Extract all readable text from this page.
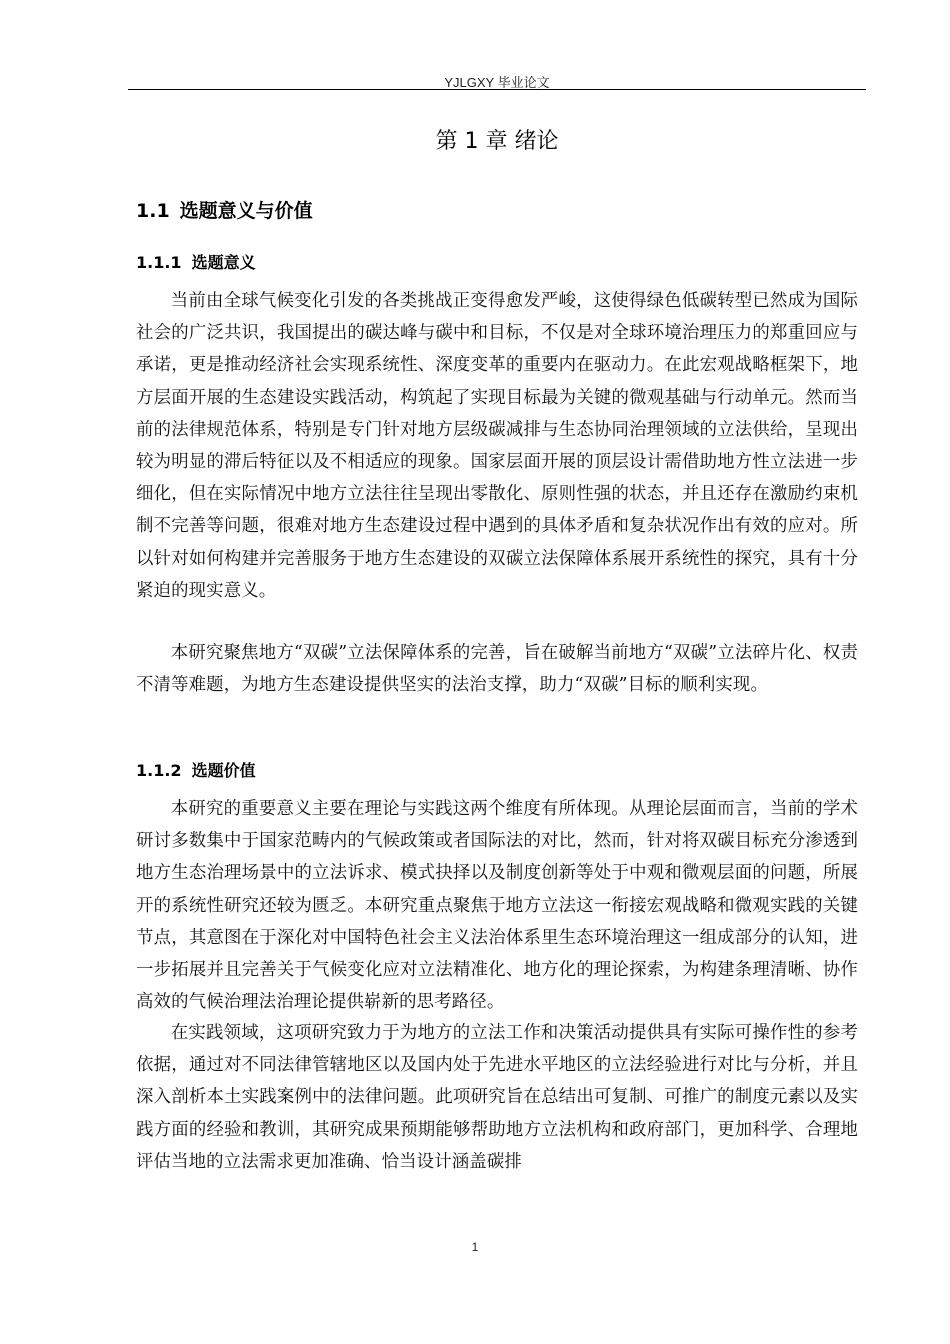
YJLGXY 毕业论文
第 1 章 绪论
1.1 选题意义与价值
1.1.1 选题意义

当前由全球气候变化引发的各类挑战正变得愈发严峻，这使得绿色低碳转型已然成为国际社会的广泛共识，我国提出的碳达峰与碳中和目标，不仅是对全球环境治理压力的郑重回应与承诺，更是推动经济社会实现系统性、深度变革的重要内在驱动力。在此宏观战略框架下，地方层面开展的生态建设实践活动，构筑起了实现目标最为关键的微观基础与行动单元。然而当前的法律规范体系，特别是专门针对地方层级碳减排与生态协同治理领域的立法供给，呈现出较为明显的滞后特征以及不相适应的现象。国家层面开展的顶层设计需借助地方性立法进一步细化，但在实际情况中地方立法往往呈现出零散化、原则性强的状态，并且还存在激励约束机制不完善等问题，很难对地方生态建设过程中遇到的具体矛盾和复杂状况作出有效的应对。所以针对如何构建并完善服务于地方生态建设的双碳立法保障体系展开系统性的探究，具有十分紧迫的现实意义。

本研究聚焦地方“双碳”立法保障体系的完善，旨在破解当前地方“双碳”立法碎片化、权责不清等难题，为地方生态建设提供坚实的法治支撑，助力“双碳”目标的顺利实现。

1.1.2 选题价值

本研究的重要意义主要在理论与实践这两个维度有所体现。从理论层面而言，当前的学术研讨多数集中于国家范畴内的气候政策或者国际法的对比，然而，针对将双碳目标充分渗透到地方生态治理场景中的立法诉求、模式抉择以及制度创新等处于中观和微观层面的问题，所展开的系统性研究还较为匮乏。本研究重点聚焦于地方立法这一衔接宏观战略和微观实践的关键节点，其意图在于深化对中国特色社会主义法治体系里生态环境治理这一组成部分的认知，进一步拓展并且完善关于气候变化应对立法精准化、地方化的理论探索，为构建条理清晰、协作高效的气候治理法治理论提供崭新的思考路径。

在实践领域，这项研究致力于为地方的立法工作和决策活动提供具有实际可操作性的参考依据，通过对不同法律管辖地区以及国内处于先进水平地区的立法经验进行对比与分析，并且深入剖析本土实践案例中的法律问题。此项研究旨在总结出可复制、可推广的制度元素以及实践方面的经验和教训，其研究成果预期能够帮助地方立法机构和政府部门，更加科学、合理地评估当地的立法需求更加准确、恰当设计涵盖碳排

1
